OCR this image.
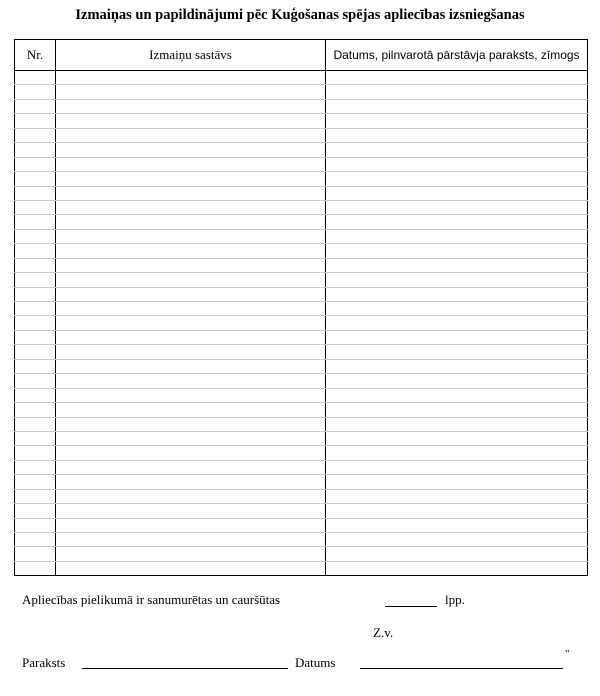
Izmaiņas un papildinājumi pēc Kuģošanas spējas apliecības izsniegšanas
Nr.	Izmaiņu sastāvs	Datums, pilnvarotā pārstāvja paraksts, zīmogs

Apliecības pielikumā ir sanumurētas un cauršūtas	lpp.
Z.v.
Paraksts	Datums
"
